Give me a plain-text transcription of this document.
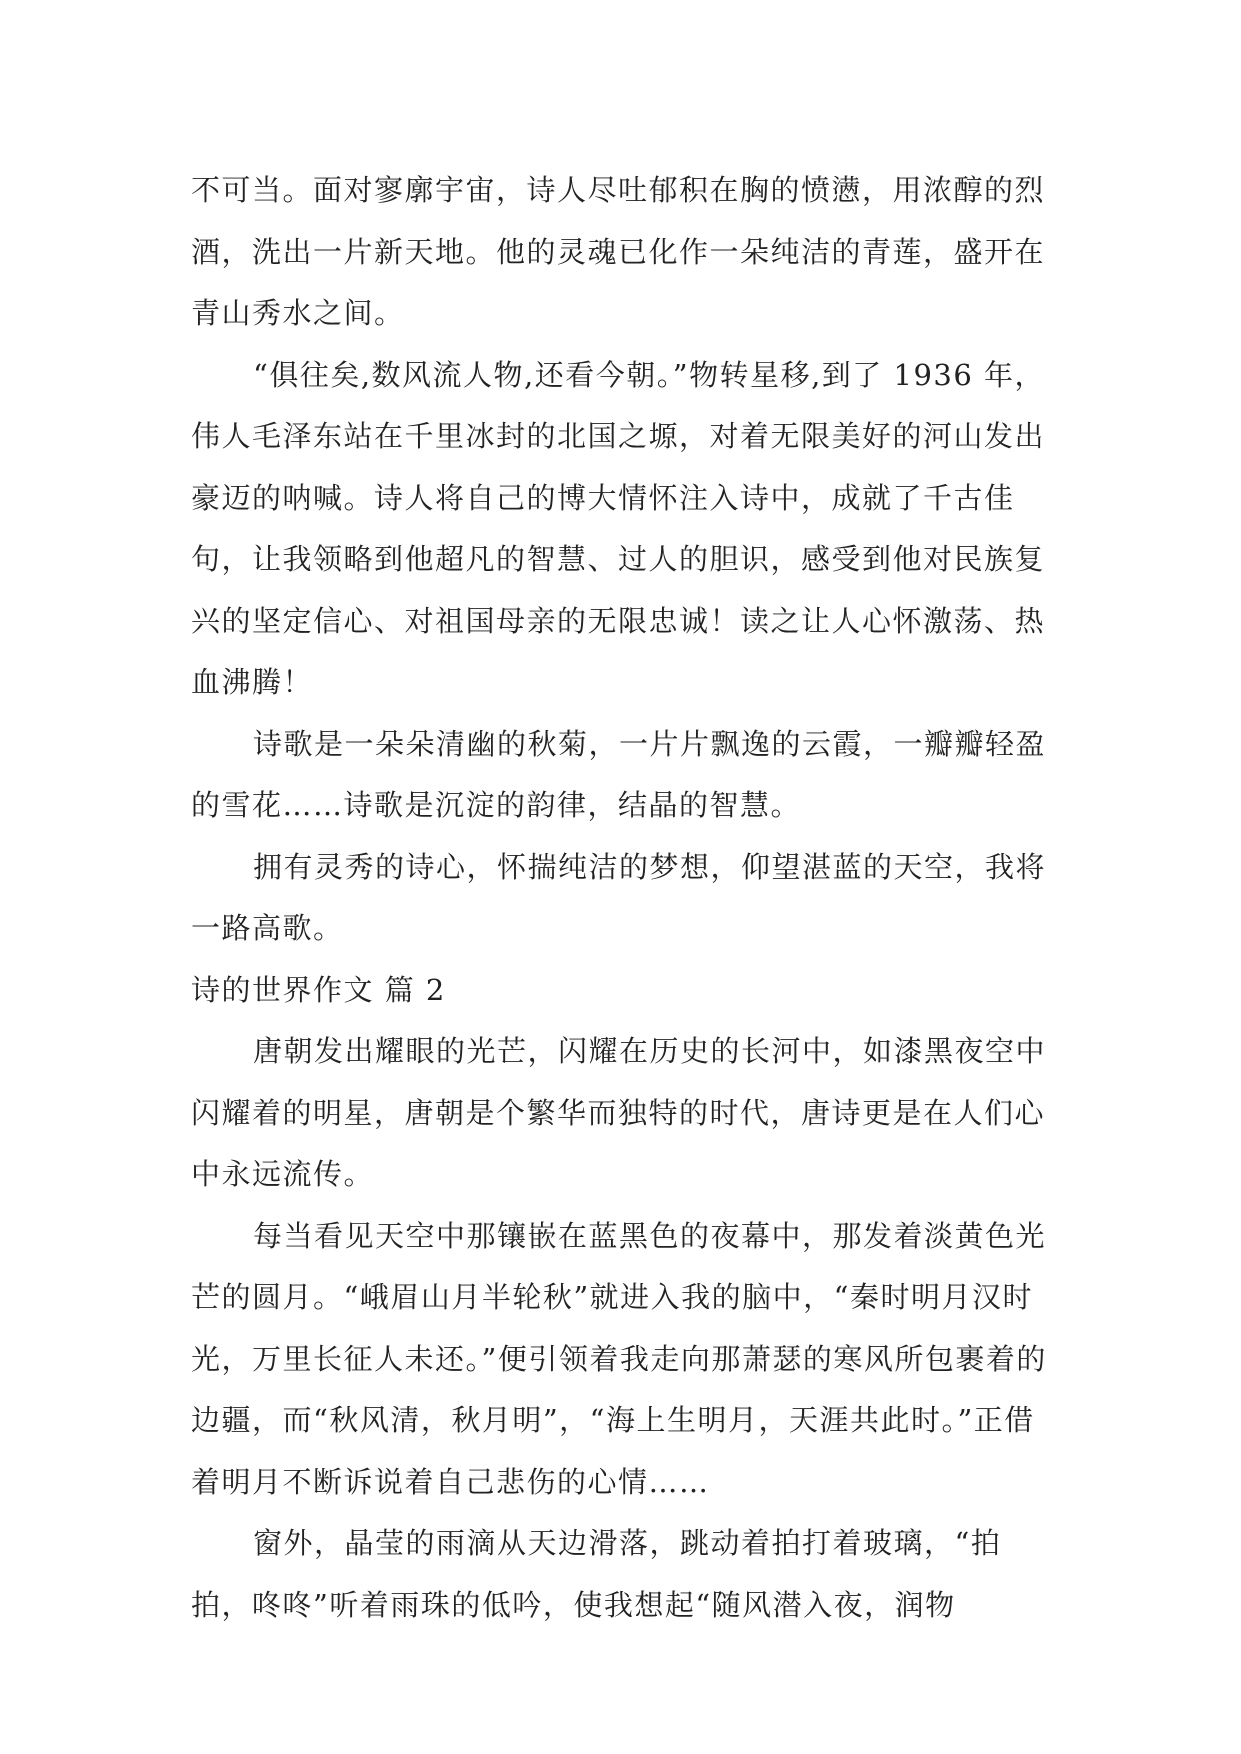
不可当。面对寥廓宇宙，诗人尽吐郁积在胸的愤懑，用浓醇的烈酒，洗出一片新天地。他的灵魂已化作一朵纯洁的青莲，盛开在青山秀水之间。

“俱往矣,数风流人物,还看今朝。”物转星移,到了 1936 年，伟人毛泽东站在千里冰封的北国之塬，对着无限美好的河山发出豪迈的呐喊。诗人将自己的博大情怀注入诗中，成就了千古佳句，让我领略到他超凡的智慧、过人的胆识，感受到他对民族复兴的坚定信心、对祖国母亲的无限忠诚！读之让人心怀激荡、热血沸腾！

诗歌是一朵朵清幽的秋菊，一片片飘逸的云霞，一瓣瓣轻盈的雪花……诗歌是沉淀的韵律，结晶的智慧。

拥有灵秀的诗心，怀揣纯洁的梦想，仰望湛蓝的天空，我将一路高歌。

诗的世界作文 篇 2

唐朝发出耀眼的光芒，闪耀在历史的长河中，如漆黑夜空中闪耀着的明星，唐朝是个繁华而独特的时代，唐诗更是在人们心中永远流传。

每当看见天空中那镶嵌在蓝黑色的夜幕中，那发着淡黄色光芒的圆月。“峨眉山月半轮秋”就进入我的脑中，“秦时明月汉时光，万里长征人未还。”便引领着我走向那萧瑟的寒风所包裹着的边疆，而“秋风清，秋月明”，“海上生明月，天涯共此时。”正借着明月不断诉说着自己悲伤的心情……

窗外，晶莹的雨滴从天边滑落，跳动着拍打着玻璃，“拍拍，咚咚”听着雨珠的低吟，使我想起“随风潜入夜，润物
